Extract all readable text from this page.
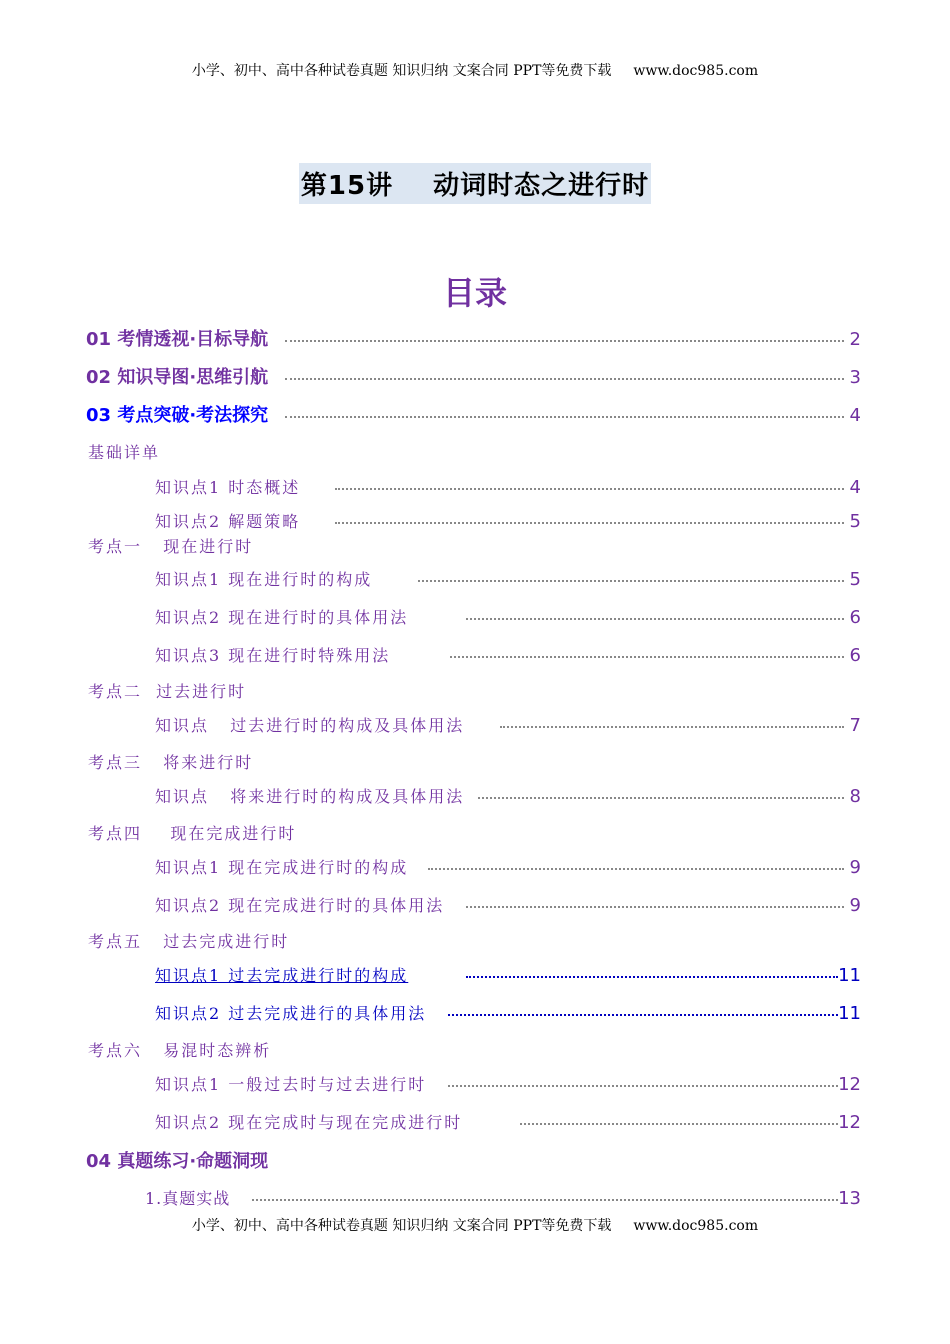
小学、初中、高中各种试卷真题 知识归纳 文案合同 PPT等免费下载 www.doc985.com
第15讲 动词时态之进行时
目录
01 考情透视·目标导航	2
02 知识导图·思维引航	3
03 考点突破·考法探究	4
基础详单
知识点1 时态概述	4
知识点2 解题策略	5
考点一   现在进行时
知识点1 现在进行时的构成	5
知识点2 现在进行时的具体用法	6
知识点3 现在进行时特殊用法	6
考点二  过去进行时
知识点   过去进行时的构成及具体用法	7
考点三   将来进行时
知识点   将来进行时的构成及具体用法	8
考点四    现在完成进行时
知识点1 现在完成进行时的构成	9
知识点2 现在完成进行时的具体用法	9
考点五   过去完成进行时
知识点1 过去完成进行时的构成	11
知识点2 过去完成进行的具体用法	11
考点六   易混时态辨析
知识点1 一般过去时与过去进行时	12
知识点2 现在完成时与现在完成进行时	12
04 真题练习·命题洞现
1.真题实战	13
小学、初中、高中各种试卷真题 知识归纳 文案合同 PPT等免费下载 www.doc985.com
